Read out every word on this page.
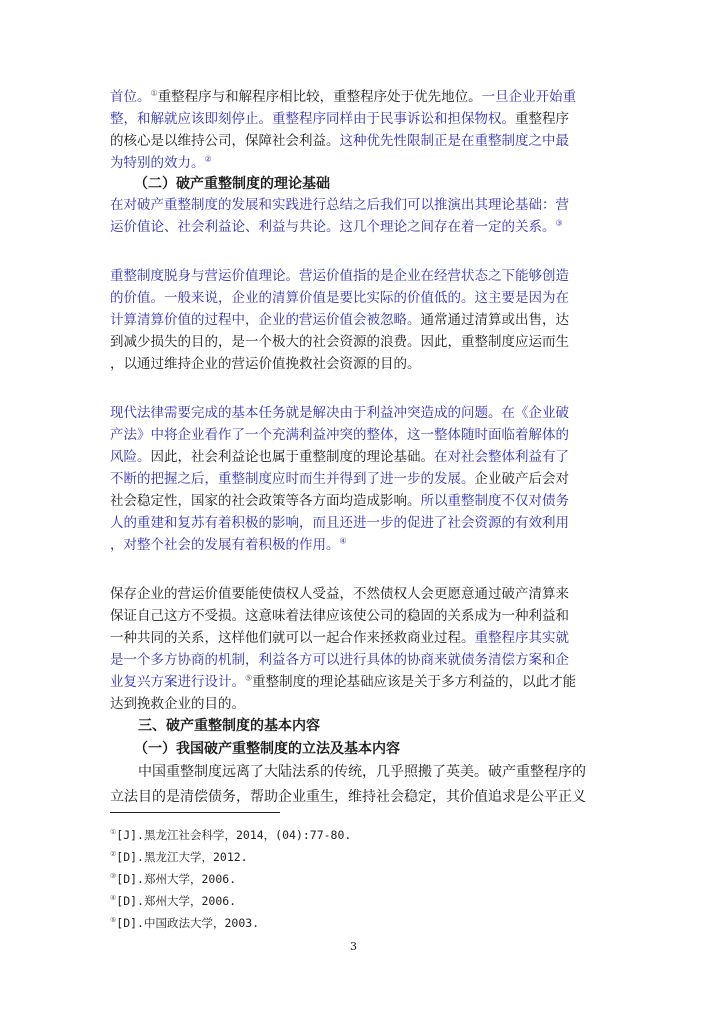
首位。①重整程序与和解程序相比较，重整程序处于优先地位。一旦企业开始重
整，和解就应该即刻停止。重整程序同样由于民事诉讼和担保物权。重整程序
的核心是以维持公司，保障社会利益。这种优先性限制正是在重整制度之中最
为特别的效力。②
（二）破产重整制度的理论基础
在对破产重整制度的发展和实践进行总结之后我们可以推演出其理论基础：营
运价值论、社会利益论、利益与共论。这几个理论之间存在着一定的关系。③
重整制度脱身与营运价值理论。营运价值指的是企业在经营状态之下能够创造
的价值。一般来说，企业的清算价值是要比实际的价值低的。这主要是因为在
计算清算价值的过程中，企业的营运价值会被忽略。通常通过清算或出售，达
到减少损失的目的，是一个极大的社会资源的浪费。因此，重整制度应运而生
，以通过维持企业的营运价值挽救社会资源的目的。
现代法律需要完成的基本任务就是解决由于利益冲突造成的问题。在《企业破
产法》中将企业看作了一个充满利益冲突的整体，这一整体随时面临着解体的
风险。因此，社会利益论也属于重整制度的理论基础。在对社会整体利益有了
不断的把握之后，重整制度应时而生并得到了进一步的发展。企业破产后会对
社会稳定性，国家的社会政策等各方面均造成影响。所以重整制度不仅对债务
人的重建和复苏有着积极的影响，而且还进一步的促进了社会资源的有效利用
，对整个社会的发展有着积极的作用。④
保存企业的营运价值要能使债权人受益，不然债权人会更愿意通过破产清算来
保证自己这方不受损。这意味着法律应该使公司的稳固的关系成为一种利益和
一种共同的关系，这样他们就可以一起合作来拯救商业过程。重整程序其实就
是一个多方协商的机制，利益各方可以进行具体的协商来就债务清偿方案和企
业复兴方案进行设计。⑤重整制度的理论基础应该是关于多方利益的，以此才能
达到挽救企业的目的。
三、破产重整制度的基本内容
（一）我国破产重整制度的立法及基本内容
中国重整制度远离了大陆法系的传统，几乎照搬了英美。破产重整程序的
立法目的是清偿债务，帮助企业重生，维持社会稳定，其价值追求是公平正义
①[J].黑龙江社会科学，2014，(04):77-80.
②[D].黑龙江大学，2012.
③[D].郑州大学，2006.
④[D].郑州大学，2006.
⑤[D].中国政法大学，2003.
3
